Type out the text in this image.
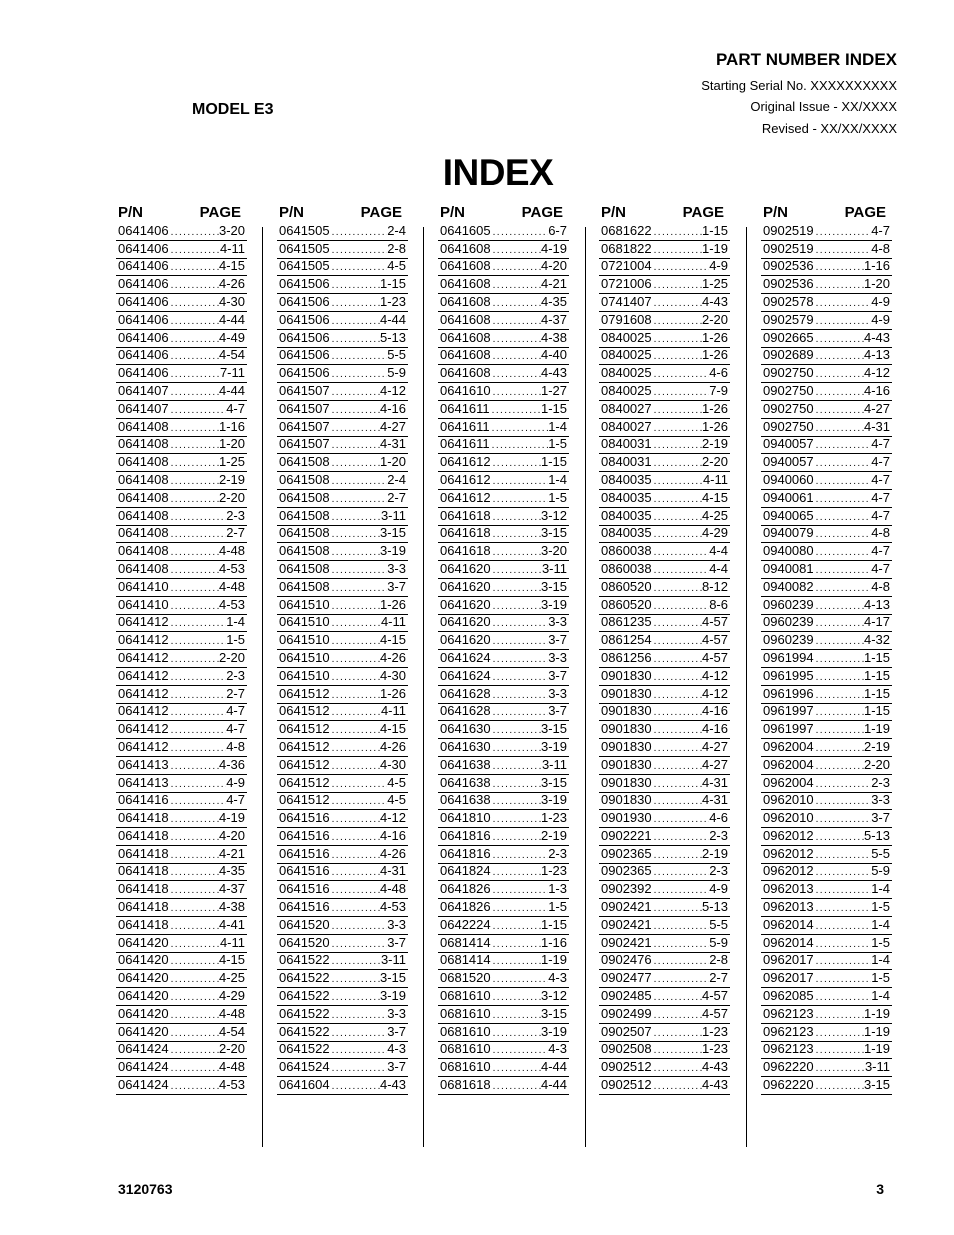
PART NUMBER INDEX
Starting Serial No. XXXXXXXXXX
Original Issue - XX/XXXX
Revised - XX/XX/XXXX
MODEL E3
INDEX
P/N	PAGE
0641406 .....	3-20
0641406 .....	4-11
0641406 .....	4-15
0641406 .....	4-26
0641406 .....	4-30
0641406 .....	4-44
0641406 .....	4-49
0641406 .....	4-54
0641406 .....	7-11
0641407 .....	4-44
0641407 .....	4-7
0641408 .....	1-16
0641408 .....	1-20
0641408 .....	1-25
0641408 .....	2-19
0641408 .....	2-20
0641408 .....	2-3
0641408 .....	2-7
0641408 .....	4-48
0641408 .....	4-53
0641410 .....	4-48
0641410 .....	4-53
0641412 .....	1-4
0641412 .....	1-5
0641412 .....	2-20
0641412 .....	2-3
0641412 .....	2-7
0641412 .....	4-7
0641412 .....	4-7
0641412 .....	4-8
0641413 .....	4-36
0641413 .....	4-9
0641416 .....	4-7
0641418 .....	4-19
0641418 .....	4-20
0641418 .....	4-21
0641418 .....	4-35
0641418 .....	4-37
0641418 .....	4-38
0641418 .....	4-41
0641420 .....	4-11
0641420 .....	4-15
0641420 .....	4-25
0641420 .....	4-29
0641420 .....	4-48
0641420 .....	4-54
0641424 .....	2-20
0641424 .....	4-48
0641424 .....	4-53
P/N	PAGE
0641505 .....	2-4
0641505 .....	2-8
0641505 .....	4-5
0641506 .....	1-15
0641506 .....	1-23
0641506 .....	4-44
0641506 .....	5-13
0641506 .....	5-5
0641506 .....	5-9
0641507 .....	4-12
0641507 .....	4-16
0641507 .....	4-27
0641507 .....	4-31
0641508 .....	1-20
0641508 .....	2-4
0641508 .....	2-7
0641508 .....	3-11
0641508 .....	3-15
0641508 .....	3-19
0641508 .....	3-3
0641508 .....	3-7
0641510 .....	1-26
0641510 .....	4-11
0641510 .....	4-15
0641510 .....	4-26
0641510 .....	4-30
0641512 .....	1-26
0641512 .....	4-11
0641512 .....	4-15
0641512 .....	4-26
0641512 .....	4-30
0641512 .....	4-5
0641512 .....	4-5
0641516 .....	4-12
0641516 .....	4-16
0641516 .....	4-26
0641516 .....	4-31
0641516 .....	4-48
0641516 .....	4-53
0641520 .....	3-3
0641520 .....	3-7
0641522 .....	3-11
0641522 .....	3-15
0641522 .....	3-19
0641522 .....	3-3
0641522 .....	3-7
0641522 .....	4-3
0641524 .....	3-7
0641604 .....	4-43
P/N	PAGE
0641605 .....	6-7
0641608 .....	4-19
0641608 .....	4-20
0641608 .....	4-21
0641608 .....	4-35
0641608 .....	4-37
0641608 .....	4-38
0641608 .....	4-40
0641608 .....	4-43
0641610 .....	1-27
0641611 .....	1-15
0641611 .....	1-4
0641611 .....	1-5
0641612 .....	1-15
0641612 .....	1-4
0641612 .....	1-5
0641618 .....	3-12
0641618 .....	3-15
0641618 .....	3-20
0641620 .....	3-11
0641620 .....	3-15
0641620 .....	3-19
0641620 .....	3-3
0641620 .....	3-7
0641624 .....	3-3
0641624 .....	3-7
0641628 .....	3-3
0641628 .....	3-7
0641630 .....	3-15
0641630 .....	3-19
0641638 .....	3-11
0641638 .....	3-15
0641638 .....	3-19
0641810 .....	1-23
0641816 .....	2-19
0641816 .....	2-3
0641824 .....	1-23
0641826 .....	1-3
0641826 .....	1-5
0642224 .....	1-15
0681414 .....	1-16
0681414 .....	1-19
0681520 .....	4-3
0681610 .....	3-12
0681610 .....	3-15
0681610 .....	3-19
0681610 .....	4-3
0681610 .....	4-44
0681618 .....	4-44
P/N	PAGE
0681622 .....	1-15
0681822 .....	1-19
0721004 .....	4-9
0721006 .....	1-25
0741407 .....	4-43
0791608 .....	2-20
0840025 .....	1-26
0840025 .....	1-26
0840025 .....	4-6
0840025 .....	7-9
0840027 .....	1-26
0840027 .....	1-26
0840031 .....	2-19
0840031 .....	2-20
0840035 .....	4-11
0840035 .....	4-15
0840035 .....	4-25
0840035 .....	4-29
0860038 .....	4-4
0860038 .....	4-4
0860520 .....	8-12
0860520 .....	8-6
0861235 .....	4-57
0861254 .....	4-57
0861256 .....	4-57
0901830 .....	4-12
0901830 .....	4-12
0901830 .....	4-16
0901830 .....	4-16
0901830 .....	4-27
0901830 .....	4-27
0901830 .....	4-31
0901830 .....	4-31
0901930 .....	4-6
0902221 .....	2-3
0902365 .....	2-19
0902365 .....	2-3
0902392 .....	4-9
0902421 .....	5-13
0902421 .....	5-5
0902421 .....	5-9
0902476 .....	2-8
0902477 .....	2-7
0902485 .....	4-57
0902499 .....	4-57
0902507 .....	1-23
0902508 .....	1-23
0902512 .....	4-43
0902512 .....	4-43
P/N	PAGE
0902519 .....	4-7
0902519 .....	4-8
0902536 .....	1-16
0902536 .....	1-20
0902578 .....	4-9
0902579 .....	4-9
0902665 .....	4-43
0902689 .....	4-13
0902750 .....	4-12
0902750 .....	4-16
0902750 .....	4-27
0902750 .....	4-31
0940057 .....	4-7
0940057 .....	4-7
0940060 .....	4-7
0940061 .....	4-7
0940065 .....	4-7
0940079 .....	4-8
0940080 .....	4-7
0940081 .....	4-7
0940082 .....	4-8
0960239 .....	4-13
0960239 .....	4-17
0960239 .....	4-32
0961994 .....	1-15
0961995 .....	1-15
0961996 .....	1-15
0961997 .....	1-15
0961997 .....	1-19
0962004 .....	2-19
0962004 .....	2-20
0962004 .....	2-3
0962010 .....	3-3
0962010 .....	3-7
0962012 .....	5-13
0962012 .....	5-5
0962012 .....	5-9
0962013 .....	1-4
0962013 .....	1-5
0962014 .....	1-4
0962014 .....	1-5
0962017 .....	1-4
0962017 .....	1-5
0962085 .....	1-4
0962123 .....	1-19
0962123 .....	1-19
0962123 .....	1-19
0962220 .....	3-11
0962220 .....	3-15
3120763	3
